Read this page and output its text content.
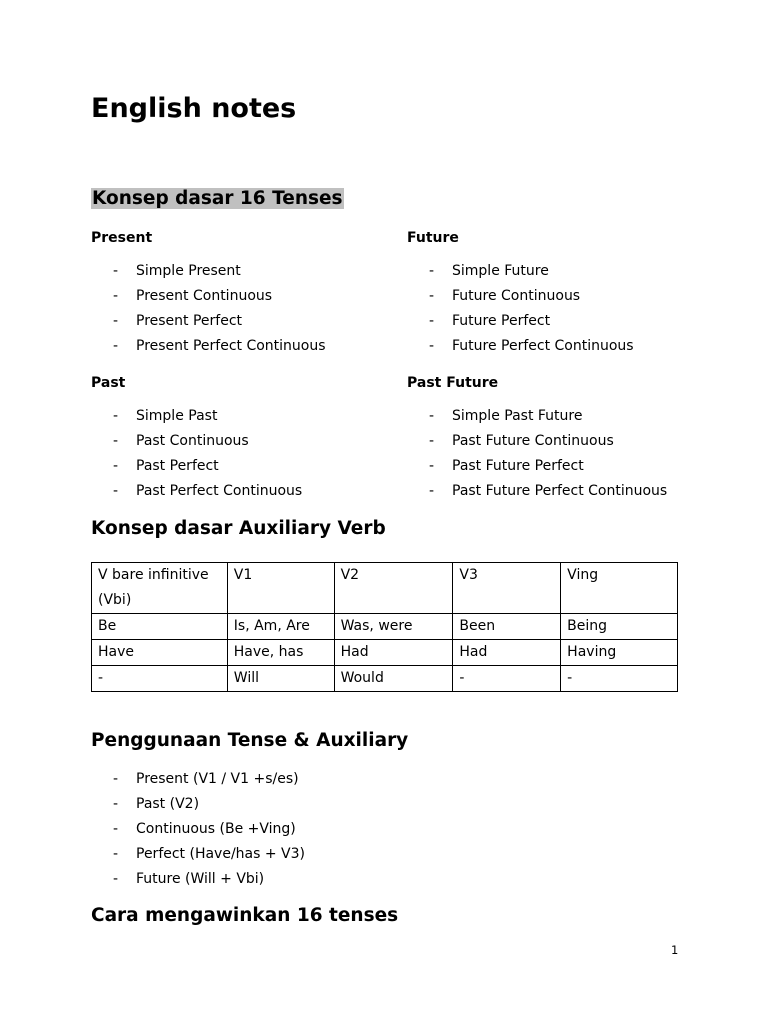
English notes
Konsep dasar 16 Tenses

Present

- Simple Present
- Present Continuous
- Present Perfect
- Present Perfect Continuous

Future

- Simple Future
- Future Continuous
- Future Perfect
- Future Perfect Continuous

Past

- Simple Past
- Past Continuous
- Past Perfect
- Past Perfect Continuous

Past Future

- Simple Past Future
- Past Future Continuous
- Past Future Perfect
- Past Future Perfect Continuous
Konsep dasar Auxiliary Verb
V bare infinitive (Vbi)	V1	V2	V3	Ving
Be	Is, Am, Are	Was, were	Been	Being
Have	Have, has	Had	Had	Having
-	Will	Would	-	-
Penggunaan Tense & Auxiliary
- Present (V1 / V1 +s/es)
- Past (V2)
- Continuous (Be +Ving)
- Perfect (Have/has + V3)
- Future (Will + Vbi)
Cara mengawinkan 16 tenses
1
